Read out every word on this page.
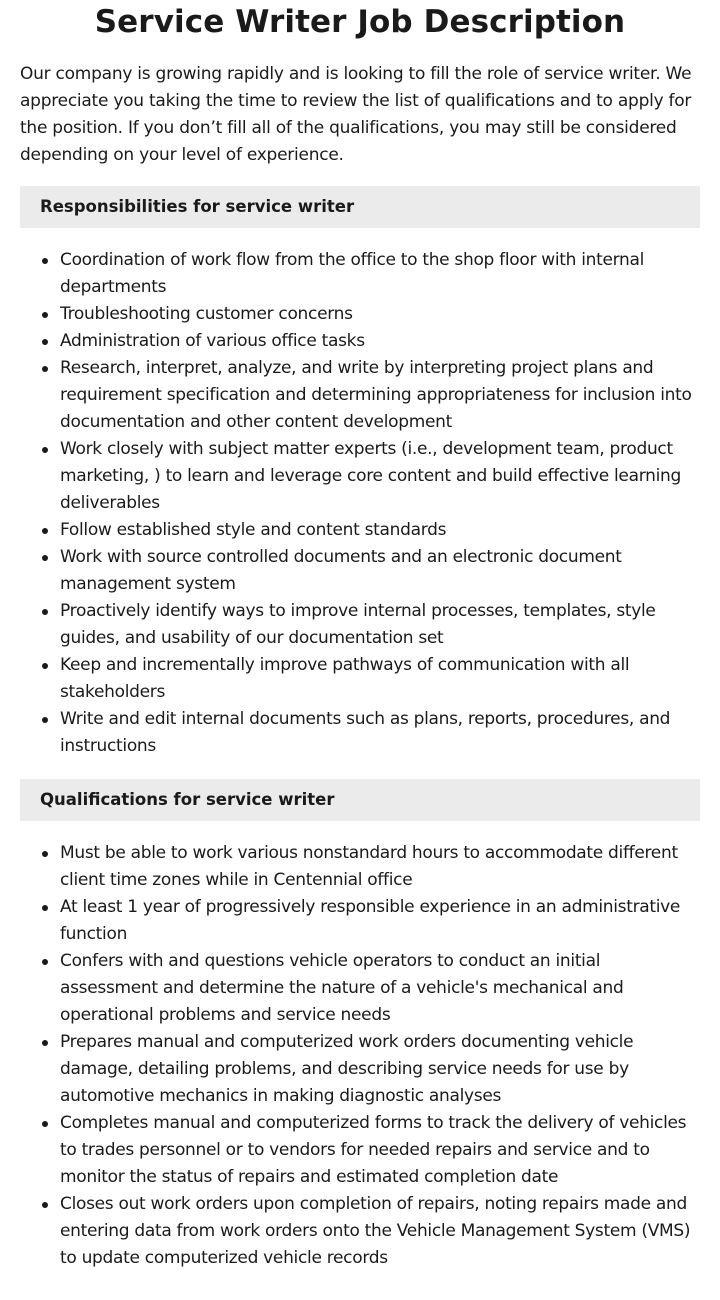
Service Writer Job Description

Our company is growing rapidly and is looking to fill the role of service writer. We appreciate you taking the time to review the list of qualifications and to apply for the position. If you don’t fill all of the qualifications, you may still be considered depending on your level of experience.

Responsibilities for service writer
Coordination of work flow from the office to the shop floor with internal departments
Troubleshooting customer concerns
Administration of various office tasks
Research, interpret, analyze, and write by interpreting project plans and requirement specification and determining appropriateness for inclusion into documentation and other content development
Work closely with subject matter experts (i.e., development team, product marketing, ) to learn and leverage core content and build effective learning deliverables
Follow established style and content standards
Work with source controlled documents and an electronic document management system
Proactively identify ways to improve internal processes, templates, style guides, and usability of our documentation set
Keep and incrementally improve pathways of communication with all stakeholders
Write and edit internal documents such as plans, reports, procedures, and instructions
Qualifications for service writer
Must be able to work various nonstandard hours to accommodate different client time zones while in Centennial office
At least 1 year of progressively responsible experience in an administrative function
Confers with and questions vehicle operators to conduct an initial assessment and determine the nature of a vehicle's mechanical and operational problems and service needs
Prepares manual and computerized work orders documenting vehicle damage, detailing problems, and describing service needs for use by automotive mechanics in making diagnostic analyses
Completes manual and computerized forms to track the delivery of vehicles to trades personnel or to vendors for needed repairs and service and to monitor the status of repairs and estimated completion date
Closes out work orders upon completion of repairs, noting repairs made and entering data from work orders onto the Vehicle Management System (VMS) to update computerized vehicle records
